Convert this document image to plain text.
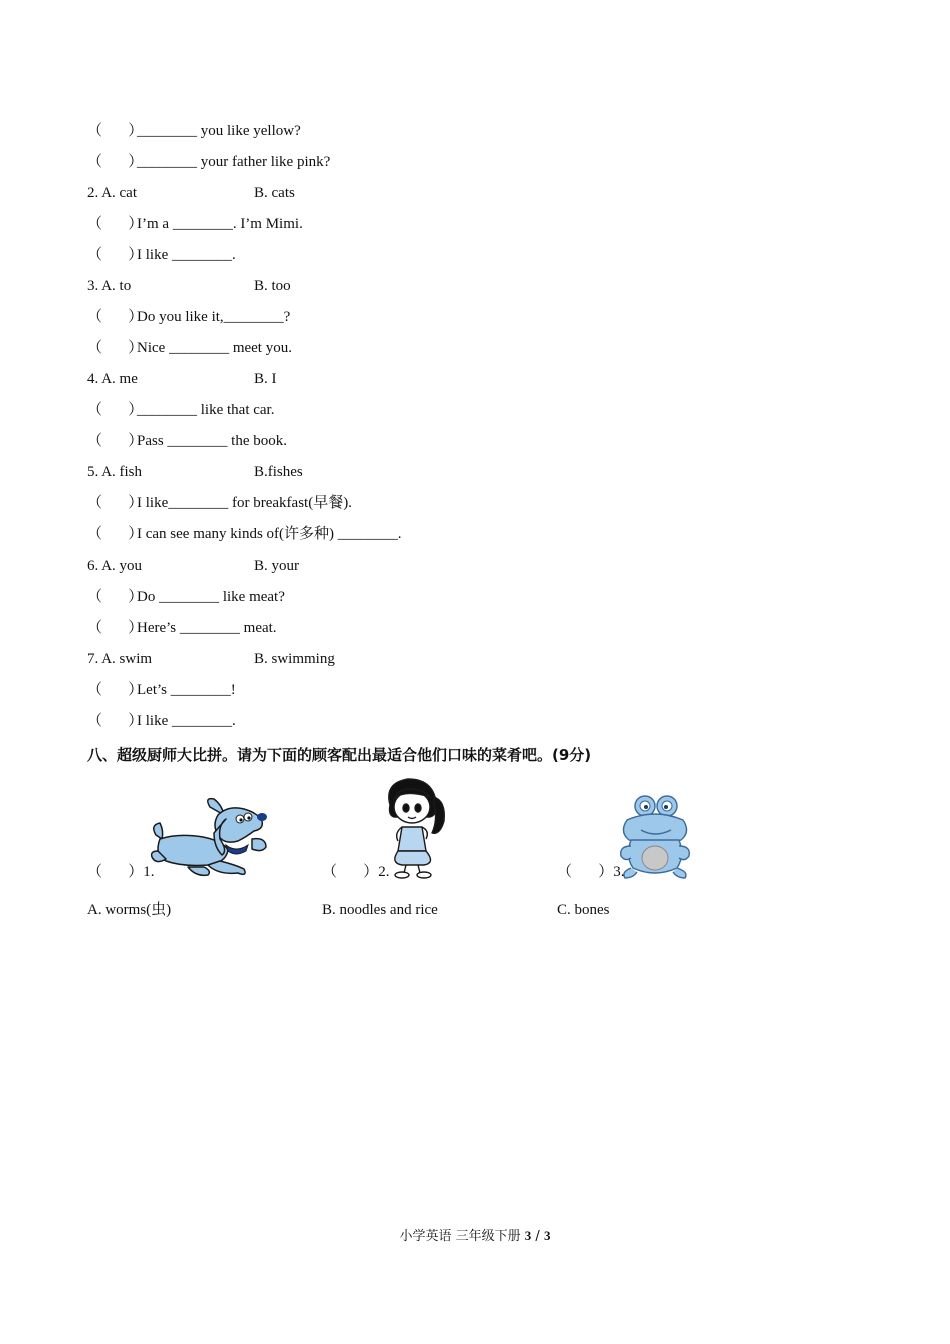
（       ）________ you like yellow?
（       ）________ your father like pink?
2. A. cat	B. cats
（       ）I’m a ________. I’m Mimi.
（       ）I like ________.
3. A. to	B. too
（       ）Do you like it,________?
（       ）Nice ________ meet you.
4. A. me	B. I
（       ）________ like that car.
（       ）Pass ________ the book.
5. A. fish	B.fishes
（       ）I like________ for breakfast(早餐).
（       ）I can see many kinds of(许多种) ________.
6. A. you	B. your
（       ）Do ________ like meat?
（       ）Here’s ________ meat.
7. A. swim	B. swimming
（       ）Let’s ________!
（       ）I like ________.
八、超级厨师大比拼。请为下面的顾客配出最适合他们口味的菜肴吧。(9分)
（       ）1.	（       ）2.	（       ）3.
A. worms(虫)	B. noodles and rice	C. bones
小学英语 三年级下册 3 / 3
